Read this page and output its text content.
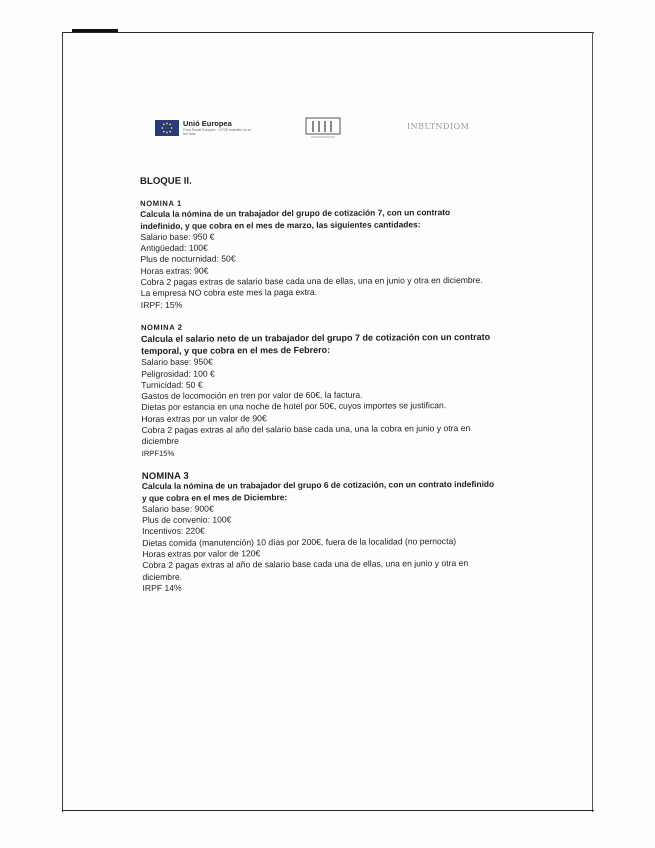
Unió Europea
Fons Social Europeu · L'FSE inverteix en el teu futur
INBLTNDIOM

BLOQUE II.

NOMINA 1

Calcula la nómina de un trabajador del grupo de cotización 7, con un contrato

indefinido, y que cobra en el mes de marzo, las siguientes cantidades:

Salario base: 950 €

Antigüedad: 100€

Plus de nocturnidad: 50€

Horas extras: 90€

Cobra 2 pagas extras de salario base cada una de ellas, una en junio y otra en diciembre.

La empresa NO cobra este mes la paga extra.

IRPF: 15%

NOMINA 2

Calcula el salario neto de un trabajador del grupo 7 de cotización con un contrato

temporal, y que cobra en el mes de Febrero:

Salario base: 950€

Peligrosidad: 100 €

Turnicidad: 50 €

Gastos de locomoción en tren por valor de 60€, la factura.

Dietas por estancia en una noche de hotel por 50€, cuyos importes se justifican.

Horas extras por un valor de 90€

Cobra 2 pagas extras al año del salario base cada una, una la cobra en junio y otra en

diciembre

IRPF15%

NOMINA 3

Calcula la nómina de un trabajador del grupo 6 de cotización, con un contrato indefinido

y que cobra en el mes de Diciembre:

Salario base: 900€

Plus de convenio: 100€

Incentivos: 220€

Dietas comida (manutención) 10 días por 200€, fuera de la localidad (no pernocta)

Horas extras por valor de 120€

Cobra 2 pagas extras al año de salario base cada una de ellas, una en junio y otra en

diciembre.

IRPF 14%
